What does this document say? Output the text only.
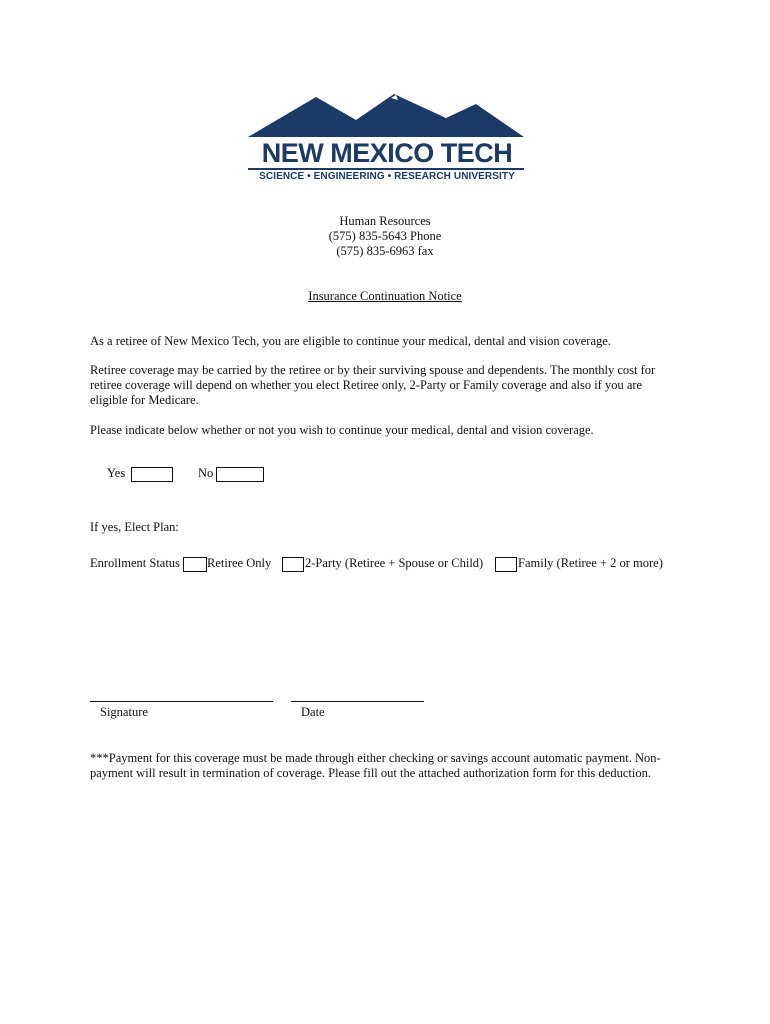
NEW MEXICO TECH
SCIENCE • ENGINEERING • RESEARCH UNIVERSITY
Human Resources
(575) 835-5643 Phone
(575) 835-6963 fax
Insurance Continuation Notice
As a retiree of New Mexico Tech, you are eligible to continue your medical, dental and vision coverage.
Retiree coverage may be carried by the retiree or by their surviving spouse and dependents. The monthly cost for
retiree coverage will depend on whether you elect Retiree only, 2-Party or Family coverage and also if you are
eligible for Medicare.
Please indicate below whether or not you wish to continue your medical, dental and vision coverage.
Yes	No
If yes, Elect Plan:
Enrollment Status Retiree Only	2-Party (Retiree + Spouse or Child)	Family (Retiree + 2 or more)
Signature	Date
***Payment for this coverage must be made through either checking or savings account automatic payment. Non-
payment will result in termination of coverage. Please fill out the attached authorization form for this deduction.
